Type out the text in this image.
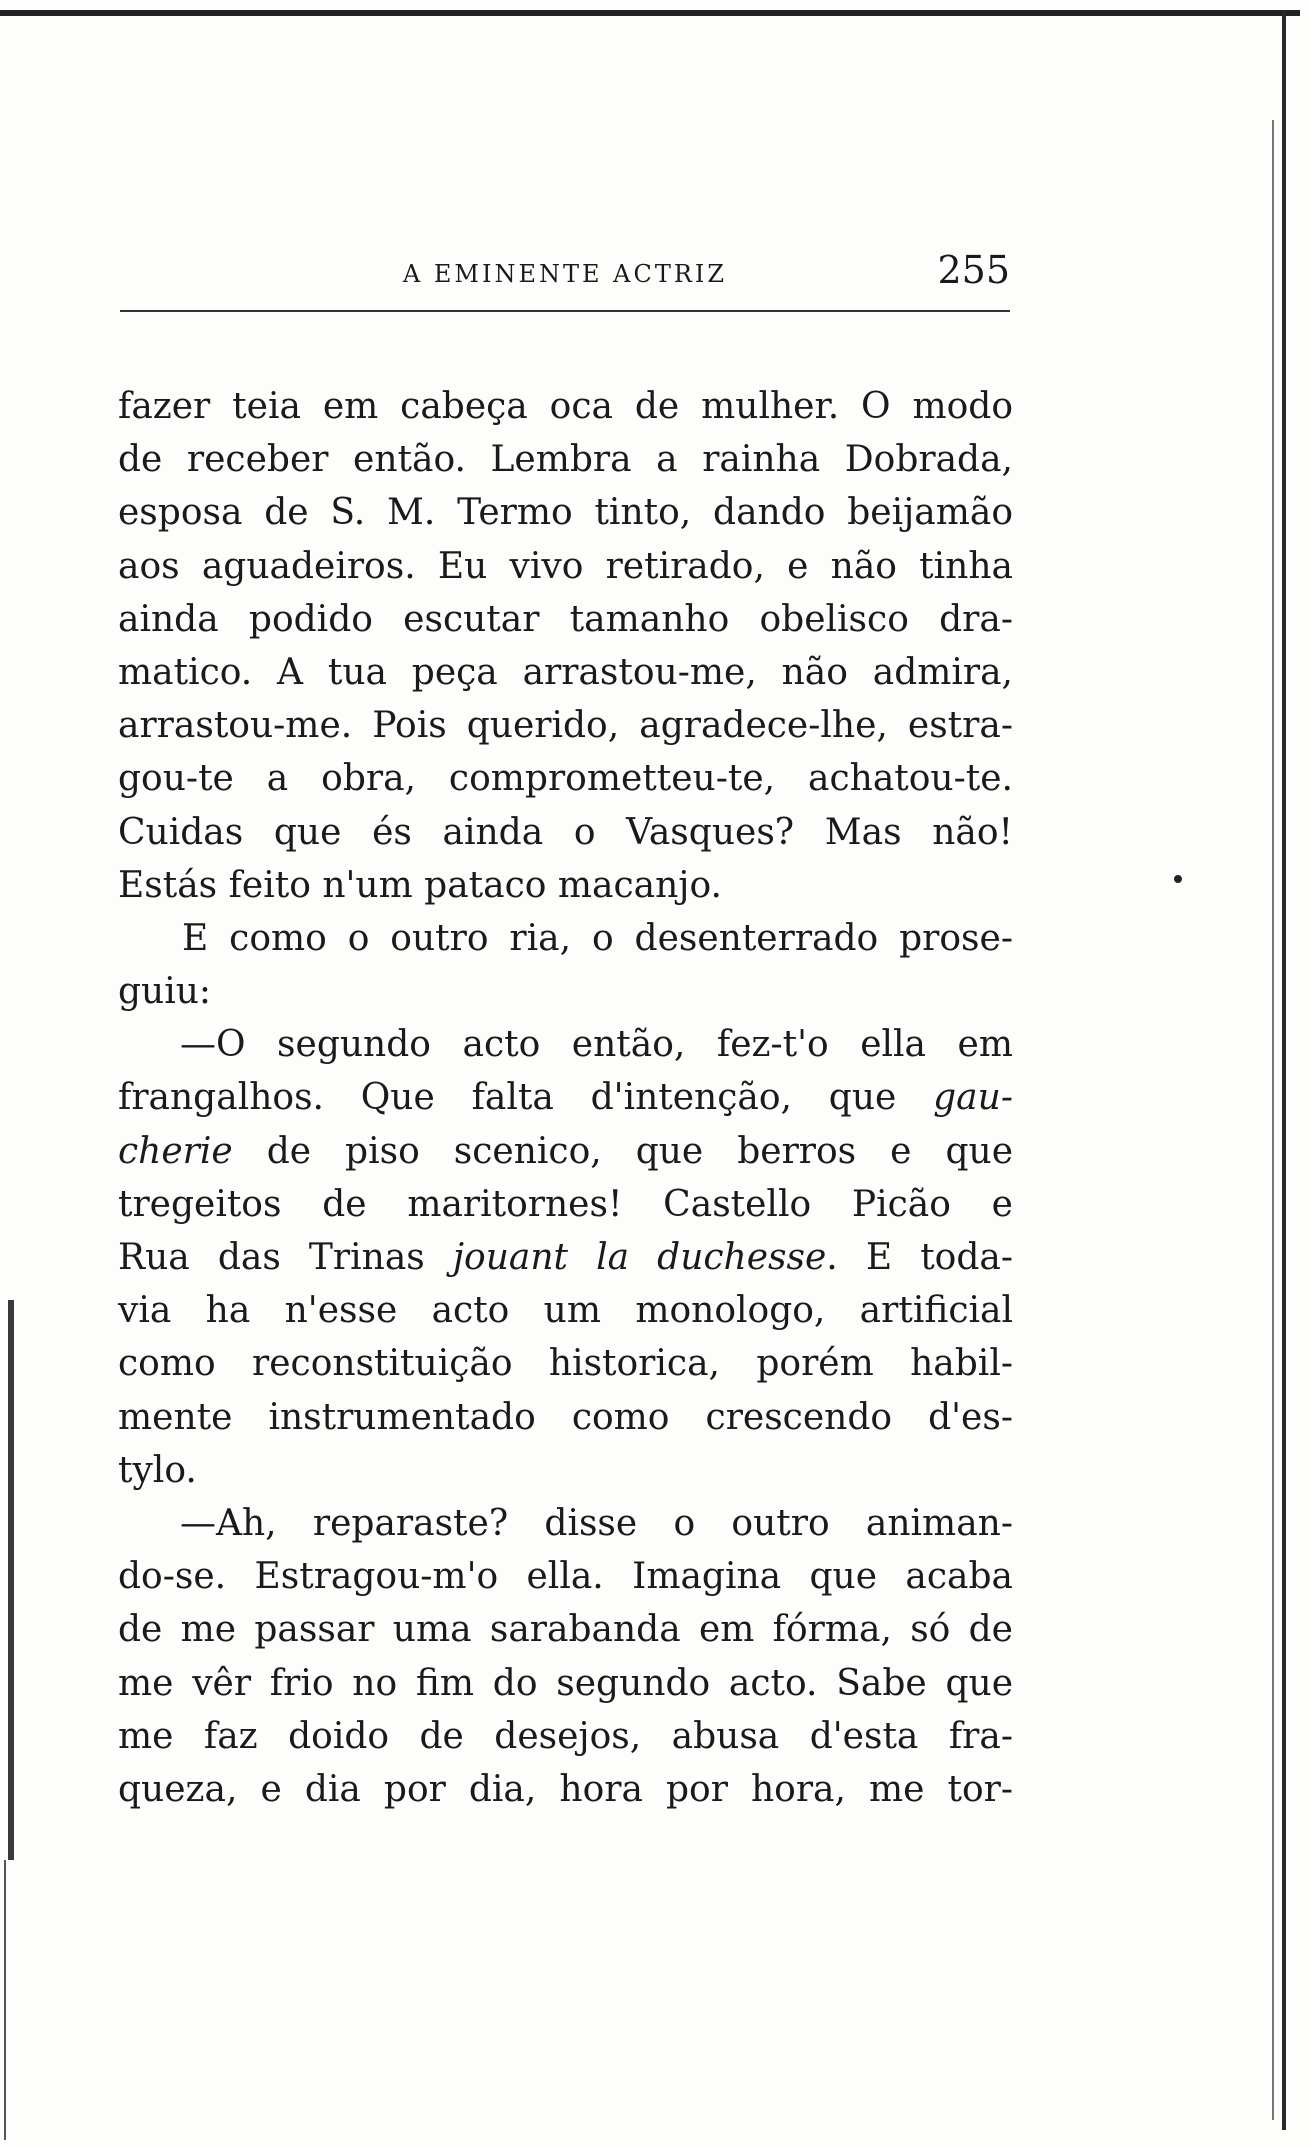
A EMINENTE ACTRIZ	255
fazer teia em cabeça oca de mulher. O modo
de receber então. Lembra a rainha Dobrada,
esposa de S. M. Termo tinto, dando beijamão
aos aguadeiros. Eu vivo retirado, e não tinha
ainda podido escutar tamanho obelisco dra-
matico. A tua peça arrastou-me, não admira,
arrastou-me. Pois querido, agradece-lhe, estra-
gou-te a obra, comprometteu-te, achatou-te.
Cuidas que és ainda o Vasques? Mas não!
Estás feito n'um pataco macanjo.
E como o outro ria, o desenterrado prose-
guiu:
—O segundo acto então, fez-t'o ella em
frangalhos. Que falta d'intenção, que gau-
cherie de piso scenico, que berros e que
tregeitos de maritornes! Castello Picão e
Rua das Trinas jouant la duchesse. E toda-
via ha n'esse acto um monologo, artificial
como reconstituição historica, porém habil-
mente instrumentado como crescendo d'es-
tylo.
—Ah, reparaste? disse o outro animan-
do-se. Estragou-m'o ella. Imagina que acaba
de me passar uma sarabanda em fórma, só de
me vêr frio no fim do segundo acto. Sabe que
me faz doido de desejos, abusa d'esta fra-
queza, e dia por dia, hora por hora, me tor-
